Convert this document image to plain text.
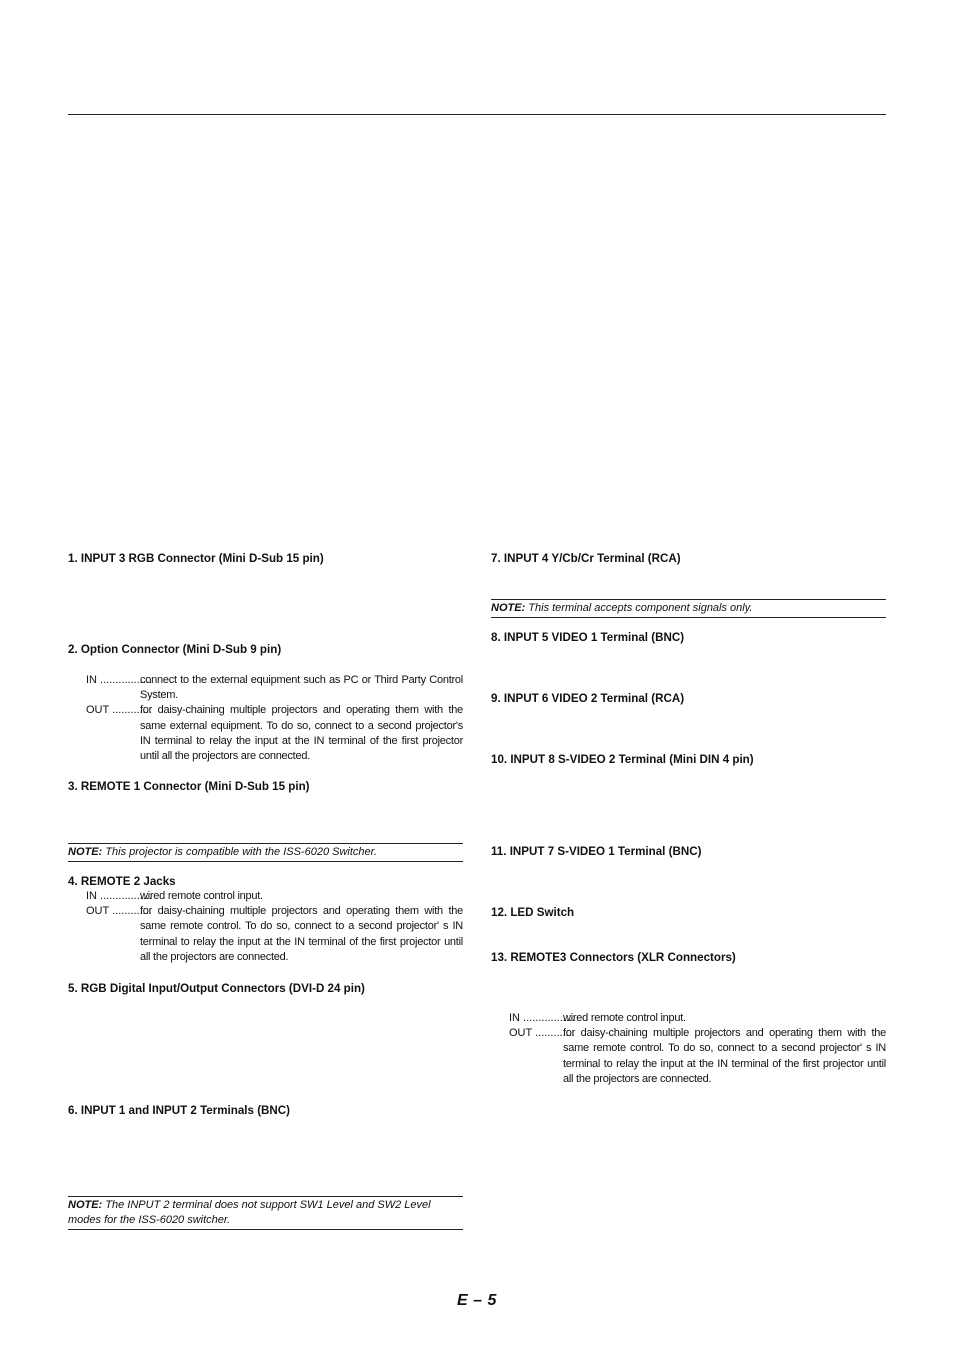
1. INPUT 3 RGB Connector (Mini D-Sub 15 pin)
2. Option Connector (Mini D-Sub 9 pin)
IN .................
connect to the external equipment such as PC or Third Party Control System.
OUT .............
for daisy-chaining multiple projectors and operating them with the same external equipment. To do so, connect to a second projector's IN terminal to relay the input at the IN terminal of the first projector until all the projectors are connected.
3. REMOTE 1 Connector (Mini D-Sub 15 pin)
NOTE: This projector is compatible with the ISS-6020 Switcher.
4. REMOTE 2 Jacks
IN .................
wired remote control input.
OUT .............
for daisy-chaining multiple projectors and operating them with the same remote control. To do so, connect to a second projector' s IN terminal to relay the input at the IN terminal of the first projector until all the projectors are connected.
5. RGB Digital Input/Output Connectors (DVI-D 24 pin)
6. INPUT 1 and INPUT 2 Terminals (BNC)
NOTE: The INPUT 2 terminal does not support SW1 Level and SW2 Level modes for the ISS-6020 switcher.
7. INPUT 4 Y/Cb/Cr Terminal (RCA)
NOTE: This terminal accepts component signals only.
8. INPUT 5 VIDEO 1 Terminal (BNC)
9. INPUT 6 VIDEO 2 Terminal (RCA)
10. INPUT 8 S-VIDEO 2 Terminal (Mini DIN 4 pin)
11. INPUT 7 S-VIDEO 1 Terminal (BNC)
12. LED Switch
13. REMOTE3 Connectors (XLR Connectors)
IN .................
wired remote control input.
OUT .............
for daisy-chaining multiple projectors and operating them with the same remote control. To do so, connect to a second projector' s IN terminal to relay the input at the IN terminal of the first projector until all the projectors are connected.
E – 5
